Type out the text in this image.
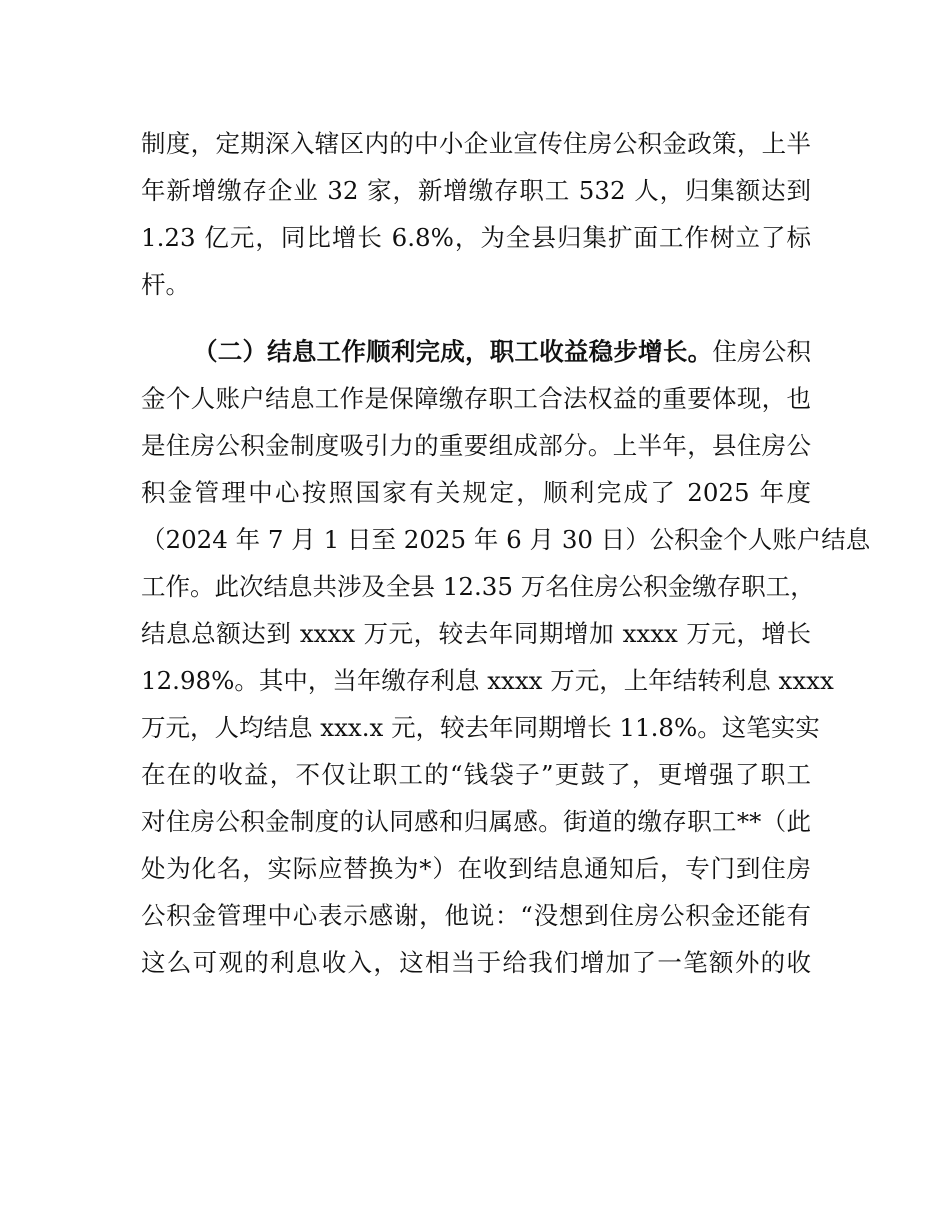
制度，定期深入辖区内的中小企业宣传住房公积金政策，上半
年新增缴存企业 32 家，新增缴存职工 532 人，归集额达到
1.23 亿元，同比增长 6.8%，为全县归集扩面工作树立了标
杆。
（二）结息工作顺利完成，职工收益稳步增长。住房公积
金个人账户结息工作是保障缴存职工合法权益的重要体现，也
是住房公积金制度吸引力的重要组成部分。上半年，县住房公
积金管理中心按照国家有关规定，顺利完成了 2025 年度
（2024 年 7 月 1 日至 2025 年 6 月 30 日）公积金个人账户结息
工作。此次结息共涉及全县 12.35 万名住房公积金缴存职工，
结息总额达到 xxxx 万元，较去年同期增加 xxxx 万元，增长
12.98%。其中，当年缴存利息 xxxx 万元，上年结转利息 xxxx
万元，人均结息 xxx.x 元，较去年同期增长 11.8%。这笔实实
在在的收益，不仅让职工的“钱袋子”更鼓了，更增强了职工
对住房公积金制度的认同感和归属感。街道的缴存职工**（此
处为化名，实际应替换为*）在收到结息通知后，专门到住房
公积金管理中心表示感谢，他说：“没想到住房公积金还能有
这么可观的利息收入，这相当于给我们增加了一笔额外的收
